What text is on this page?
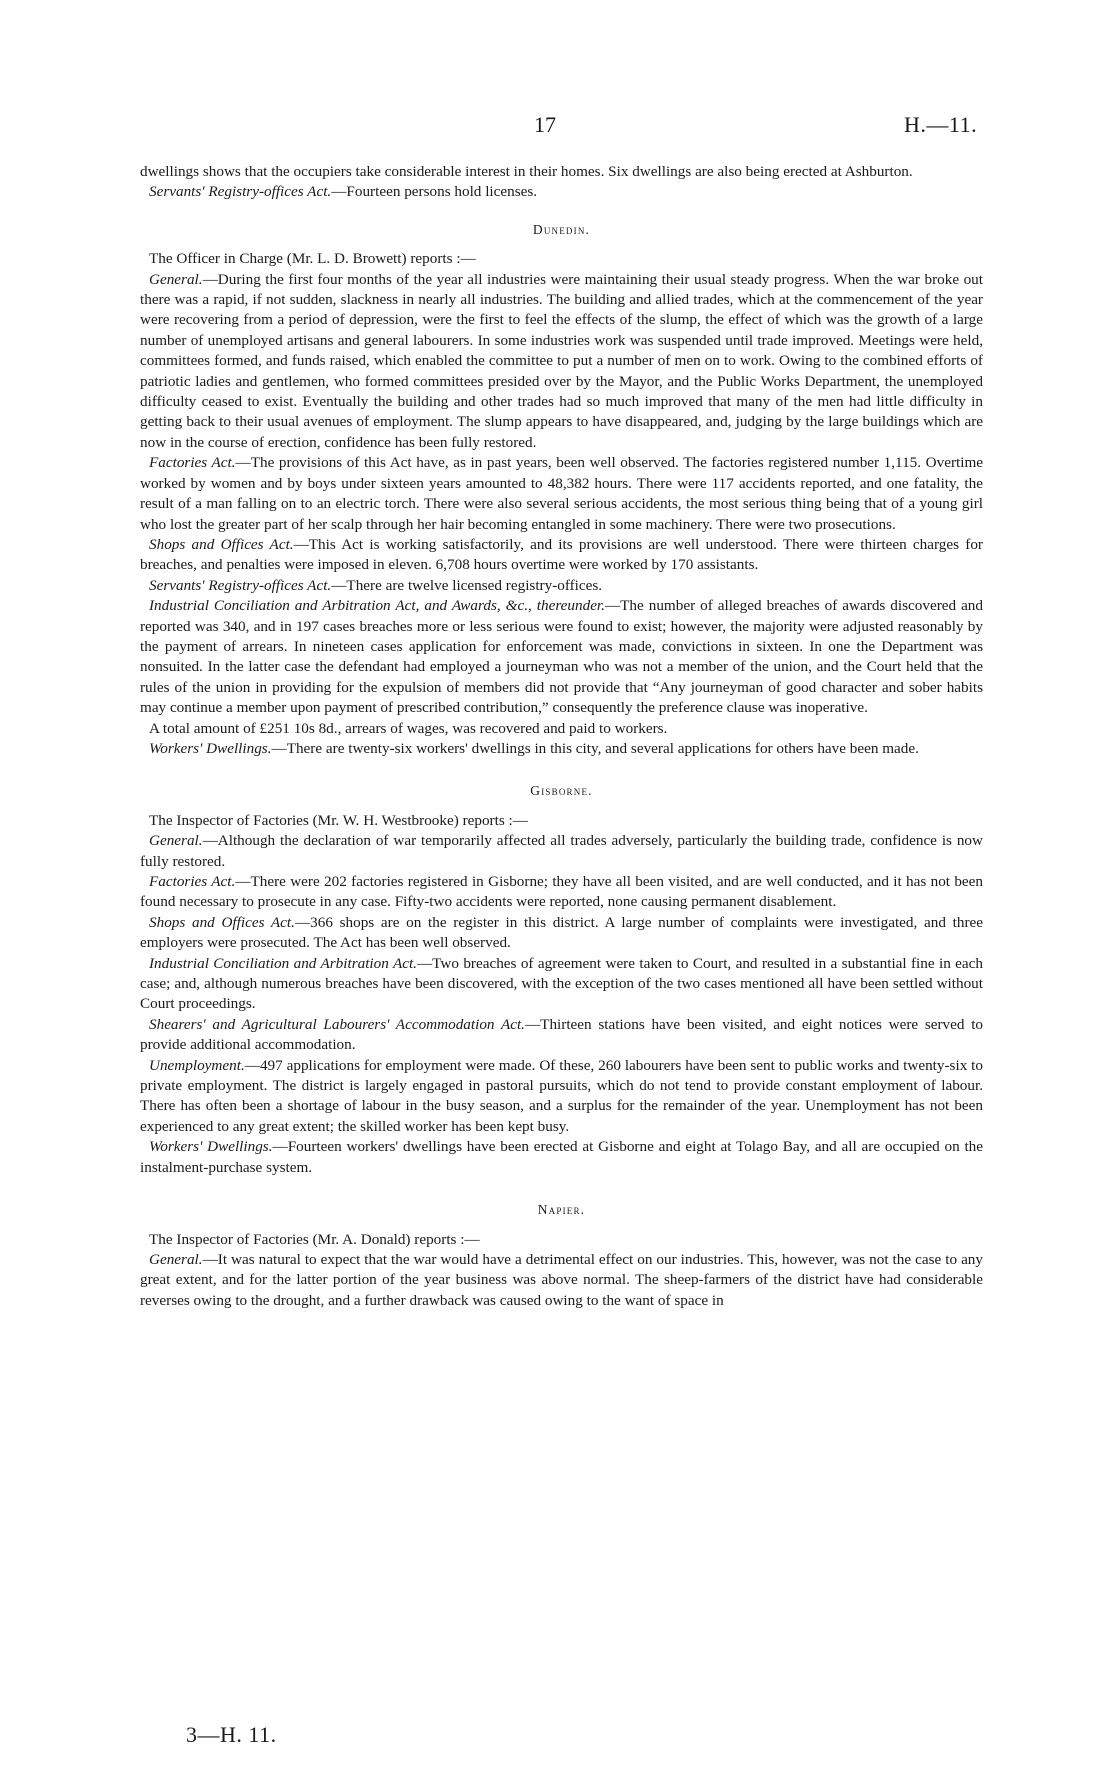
17	H.—11.

dwellings shows that the occupiers take considerable interest in their homes. Six dwellings are also being erected at Ashburton.

Servants' Registry-offices Act.—Fourteen persons hold licenses.

Dunedin.

The Officer in Charge (Mr. L. D. Browett) reports :—

General.—During the first four months of the year all industries were maintaining their usual steady progress. When the war broke out there was a rapid, if not sudden, slackness in nearly all industries. The building and allied trades, which at the commencement of the year were recovering from a period of depression, were the first to feel the effects of the slump, the effect of which was the growth of a large number of unemployed artisans and general labourers. In some industries work was suspended until trade improved. Meetings were held, committees formed, and funds raised, which enabled the committee to put a number of men on to work. Owing to the combined efforts of patriotic ladies and gentlemen, who formed committees presided over by the Mayor, and the Public Works Department, the unemployed difficulty ceased to exist. Eventually the building and other trades had so much improved that many of the men had little difficulty in getting back to their usual avenues of employment. The slump appears to have disappeared, and, judging by the large buildings which are now in the course of erection, confidence has been fully restored.

Factories Act.—The provisions of this Act have, as in past years, been well observed. The factories registered number 1,115. Overtime worked by women and by boys under sixteen years amounted to 48,382 hours. There were 117 accidents reported, and one fatality, the result of a man falling on to an electric torch. There were also several serious accidents, the most serious thing being that of a young girl who lost the greater part of her scalp through her hair becoming entangled in some machinery. There were two prosecutions.

Shops and Offices Act.—This Act is working satisfactorily, and its provisions are well understood. There were thirteen charges for breaches, and penalties were imposed in eleven. 6,708 hours overtime were worked by 170 assistants.

Servants' Registry-offices Act.—There are twelve licensed registry-offices.

Industrial Conciliation and Arbitration Act, and Awards, &c., thereunder.—The number of alleged breaches of awards discovered and reported was 340, and in 197 cases breaches more or less serious were found to exist; however, the majority were adjusted reasonably by the payment of arrears. In nineteen cases application for enforcement was made, convictions in sixteen. In one the Department was nonsuited. In the latter case the defendant had employed a journeyman who was not a member of the union, and the Court held that the rules of the union in providing for the expulsion of members did not provide that “Any journeyman of good character and sober habits may continue a member upon payment of prescribed contribution,” consequently the preference clause was inoperative.

A total amount of £251 10s 8d., arrears of wages, was recovered and paid to workers.

Workers' Dwellings.—There are twenty-six workers' dwellings in this city, and several applications for others have been made.

Gisborne.

The Inspector of Factories (Mr. W. H. Westbrooke) reports :—

General.—Although the declaration of war temporarily affected all trades adversely, particularly the building trade, confidence is now fully restored.

Factories Act.—There were 202 factories registered in Gisborne; they have all been visited, and are well conducted, and it has not been found necessary to prosecute in any case. Fifty-two accidents were reported, none causing permanent disablement.

Shops and Offices Act.—366 shops are on the register in this district. A large number of complaints were investigated, and three employers were prosecuted. The Act has been well observed.

Industrial Conciliation and Arbitration Act.—Two breaches of agreement were taken to Court, and resulted in a substantial fine in each case; and, although numerous breaches have been discovered, with the exception of the two cases mentioned all have been settled without Court proceedings.

Shearers' and Agricultural Labourers' Accommodation Act.—Thirteen stations have been visited, and eight notices were served to provide additional accommodation.

Unemployment.—497 applications for employment were made. Of these, 260 labourers have been sent to public works and twenty-six to private employment. The district is largely engaged in pastoral pursuits, which do not tend to provide constant employment of labour. There has often been a shortage of labour in the busy season, and a surplus for the remainder of the year. Unemployment has not been experienced to any great extent; the skilled worker has been kept busy.

Workers' Dwellings.—Fourteen workers' dwellings have been erected at Gisborne and eight at Tolago Bay, and all are occupied on the instalment-purchase system.

Napier.

The Inspector of Factories (Mr. A. Donald) reports :—

General.—It was natural to expect that the war would have a detrimental effect on our industries. This, however, was not the case to any great extent, and for the latter portion of the year business was above normal. The sheep-farmers of the district have had considerable reverses owing to the drought, and a further drawback was caused owing to the want of space in

3—H. 11.
